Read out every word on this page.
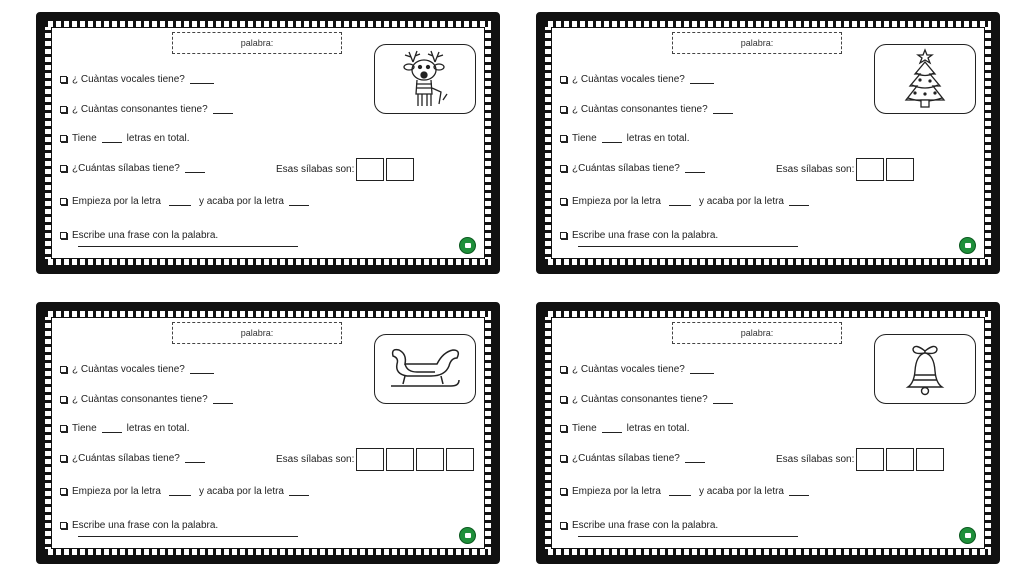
palabra:
¿ Cuàntas vocales tiene?
¿ Cuàntas consonantes tiene?
Tiene	letras en total.
¿Cuántas sílabas tiene?	Esas sílabas son:
Empieza por la letra	y acaba por la letra
Escribe una frase con la palabra.
palabra:
¿ Cuàntas vocales tiene?
¿ Cuàntas consonantes tiene?
Tiene	letras en total.
¿Cuántas sílabas tiene?	Esas sílabas son:
Empieza por la letra	y acaba por la letra
Escribe una frase con la palabra.
palabra:
¿ Cuàntas vocales tiene?
¿ Cuàntas consonantes tiene?
Tiene	letras en total.
¿Cuántas sílabas tiene?	Esas sílabas son:
Empieza por la letra	y acaba por la letra
Escribe una frase con la palabra.
palabra:
¿ Cuàntas vocales tiene?
¿ Cuàntas consonantes tiene?
Tiene	letras en total.
¿Cuántas sílabas tiene?	Esas sílabas son:
Empieza por la letra	y acaba por la letra
Escribe una frase con la palabra.
